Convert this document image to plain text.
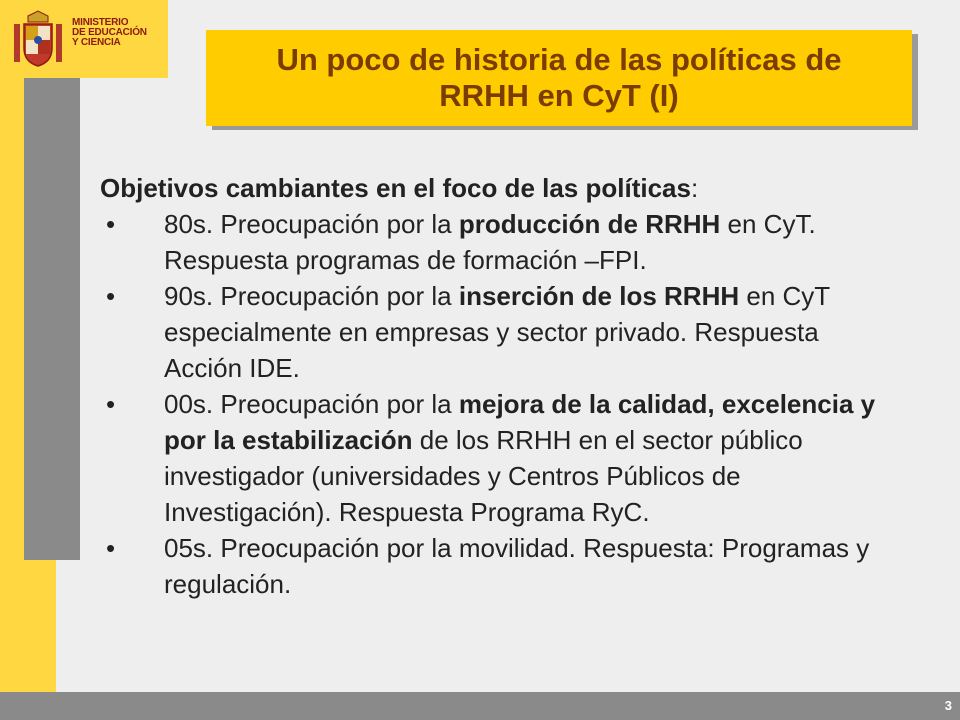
MINISTERIO
DE EDUCACIÓN
Y CIENCIA	Un poco de historia de las políticas de
RRHH en CyT (I)

Objetivos cambiantes en el foco de las políticas:

• 80s. Preocupación por la producción de RRHH en CyT. Respuesta programas de formación –FPI.
• 90s. Preocupación por la inserción de los RRHH en CyT especialmente en empresas y sector privado. Respuesta Acción IDE.
• 00s. Preocupación por la mejora de la calidad, excelencia y por la estabilización de los RRHH en el sector público investigador (universidades y Centros Públicos de Investigación). Respuesta Programa RyC.
• 05s. Preocupación por la movilidad. Respuesta: Programas y regulación.
3
